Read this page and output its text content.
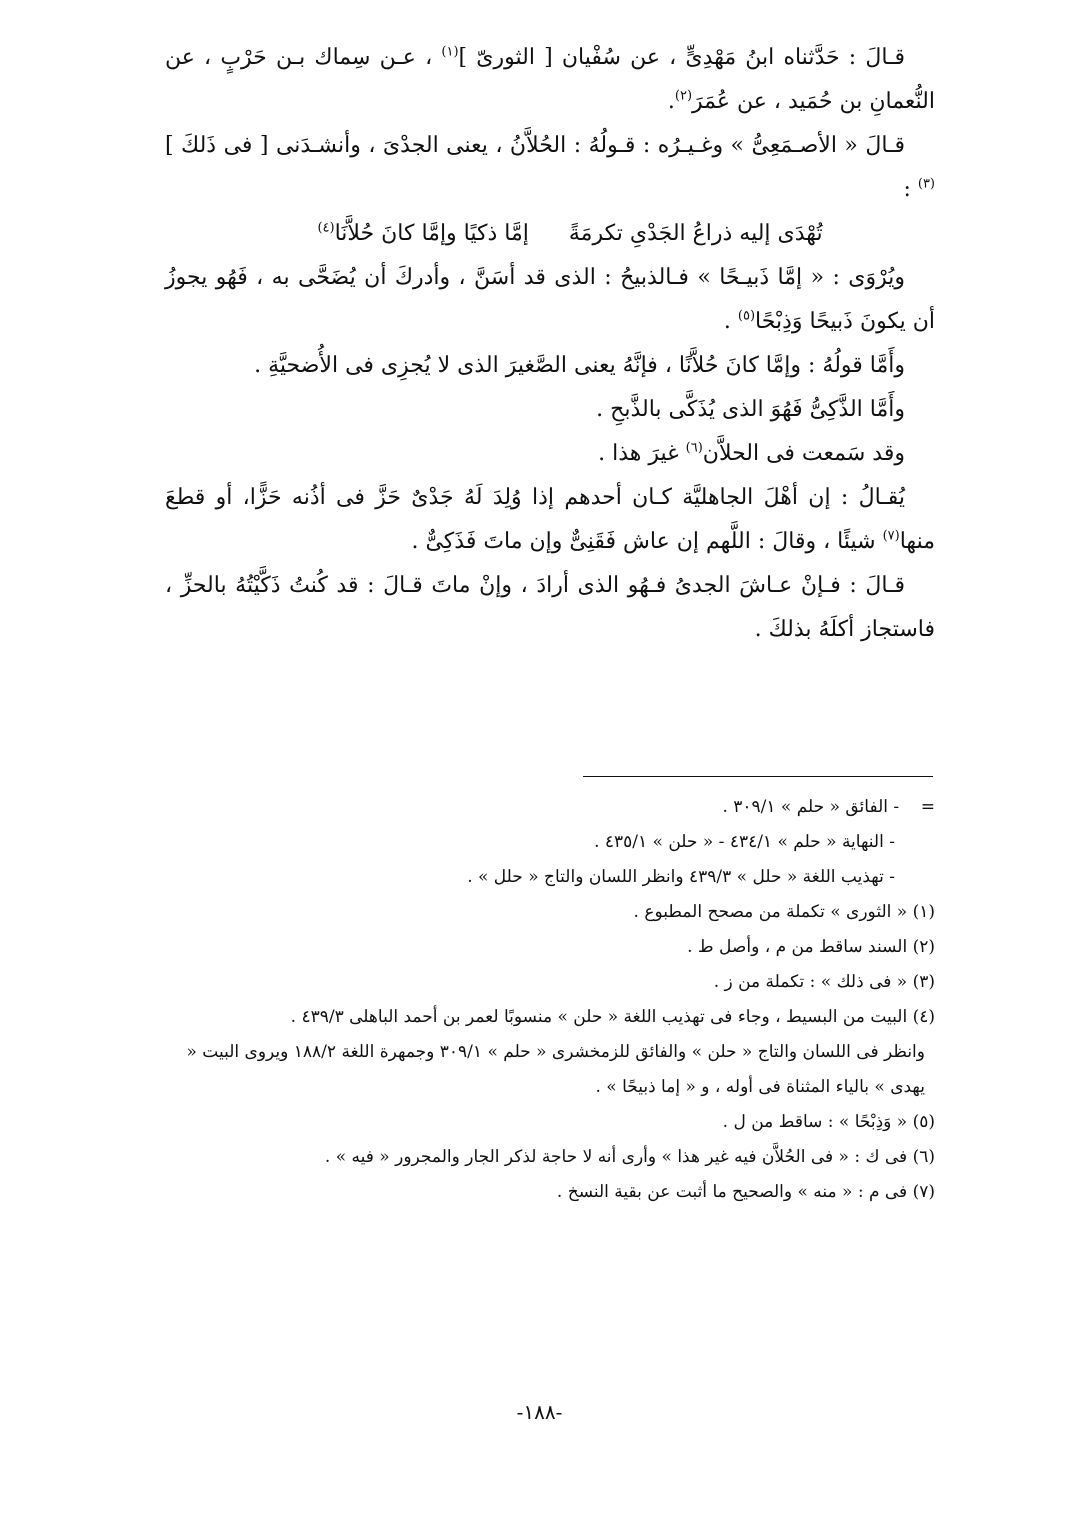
قـالَ : حَدَّثناه ابنُ مَهْدِىٍّ ، عن سُفْيان [ الثورىّ ]$^{(١)}$ ، عـن سِماك بـن حَرْبٍ ، عن النُّعمانِ بن حُمَيد ، عن عُمَرَ$^{(٢)}$.

قـالَ « الأصـمَعِىُّ » وغـيـرُه : قـولُهُ : الحُلاَّنُ ، يعنى الجدْىَ ، وأنشـدَنى [ فى ذَلكَ ]$^{(٣)}$ :

تُهْدَى إليه ذراعُ الجَدْىِ تكرمَةً
إمَّا ذكيًا وإمَّا كانَ حُلاَّنَا$^{(٤)}$

ويُرْوَى : « إمَّا ذَبيـحًا » فـالذبيحُ : الذى قد أسَنَّ ، وأدركَ أن يُضَحَّى به ، فَهُو يجوزُ أن يكونَ ذَبيحًا وَذِبْحًا$^{(٥)}$ .

وأَمَّا قولُهُ : وإمَّا كانَ حُلاَّنًا ، فإنَّهُ يعنى الصَّغيرَ الذى لا يُجزِى فى الأُضحيَّةِ .

وأَمَّا الذَّكِىُّ فَهُوَ الذى يُذَكَّى بالذَّبحِ .

وقد سَمعت فى الحلاَّن$^{(٦)}$ غيرَ هذا .

يُقـالُ : إن أهْلَ الجاهليَّة كـان أحدهم إذا وُلِدَ لَهُ جَدْىٌ حَزَّ فى أذُنه حَزًّا، أو قطعَ منها$^{(٧)}$ شيئًا ، وقالَ : اللَّهم إن عاش فَقَنِىٌّ وإن ماتَ فَذَكِىٌّ .

قـالَ : فـإنْ عـاشَ الجدىُ فـهُو الذى أرادَ ، وإنْ ماتَ قـالَ : قد كُنتُ ذَكَّيْتُهُ بالحزِّ ، فاستجاز أكلَهُ بذلكَ .

=    - الفائق « حلم » ٣٠٩/١ .

- النهاية « حلم » ٤٣٤/١ - « حلن » ٤٣٥/١ .

- تهذيب اللغة « حلل » ٤٣٩/٣ وانظر اللسان والتاج « حلل » .

(١) « الثورى » تكملة من مصحح المطبوع .

(٢) السند ساقط من م ، وأصل ط .

(٣) « فى ذلك » : تكملة من ز .

(٤) البيت من البسيط ، وجاء فى تهذيب اللغة « حلن » منسوبًا لعمر بن أحمد الباهلى ٤٣٩/٣ .

وانظر فى اللسان والتاج « حلن » والفائق للزمخشرى « حلم » ٣٠٩/١ وجمهرة اللغة ١٨٨/٢ ويروى البيت « يهدى » بالياء المثناة فى أوله ، و « إما ذبيحًا » .

(٥) « وَذِبْحًا » : ساقط من ل .

(٦) فى ك : « فى الحُلاَّن فيه غير هذا » وأرى أنه لا حاجة لذكر الجار والمجرور « فيه » .

(٧) فى م : « منه » والصحيح ما أثبت عن بقية النسخ .

-١٨٨-
